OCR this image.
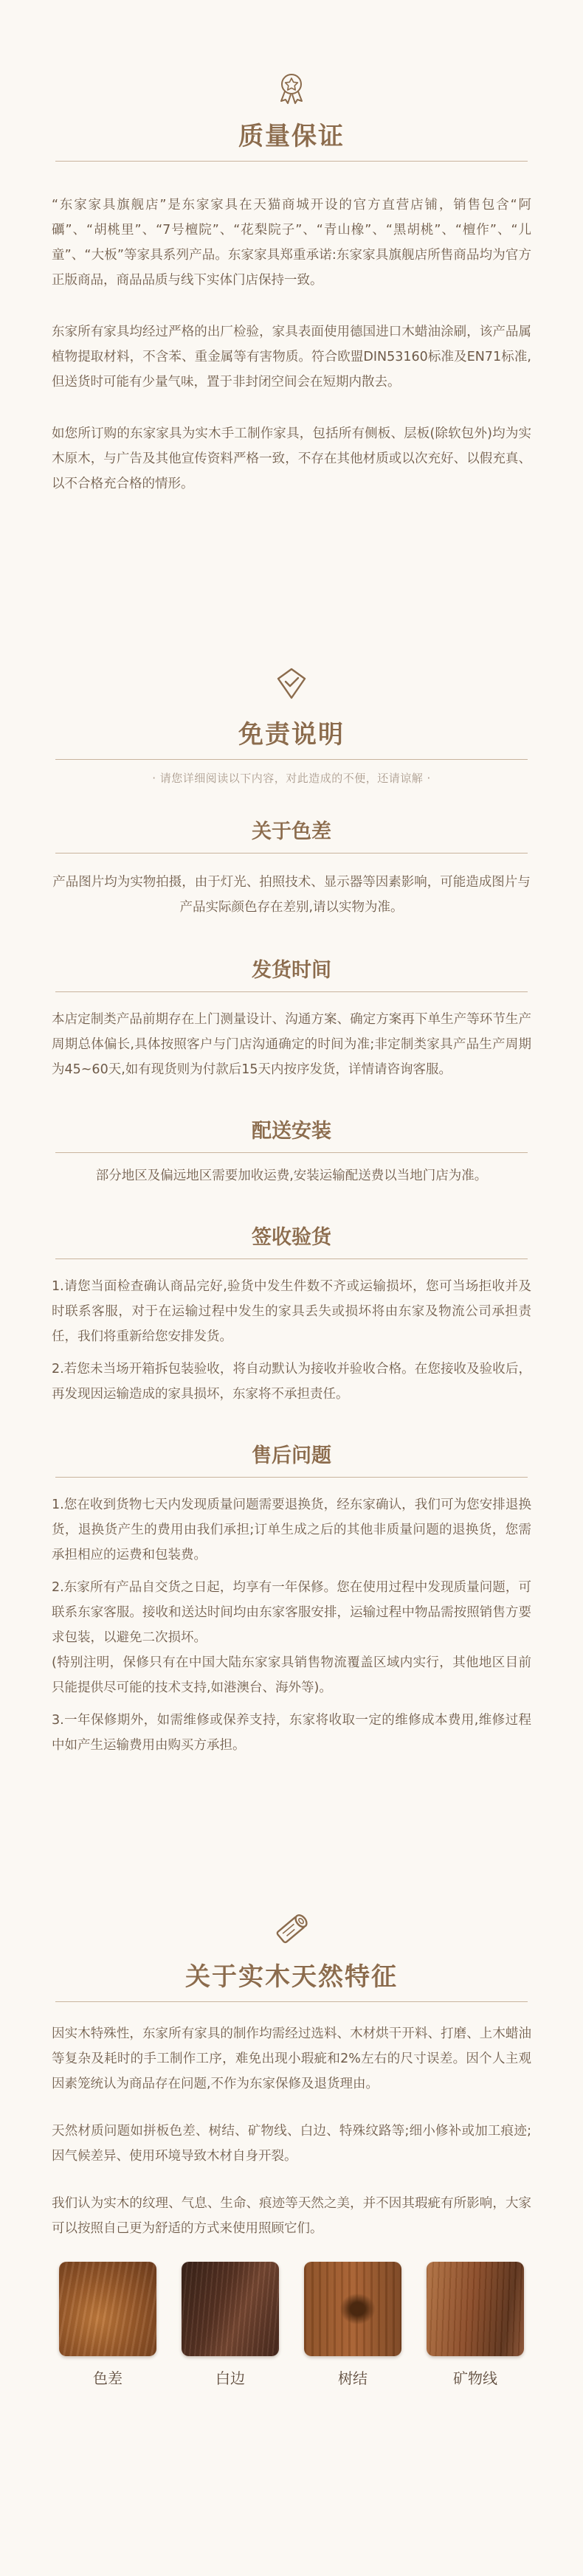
质量保证

“东家家具旗舰店”是东家家具在天猫商城开设的官方直营店铺，销售包含“阿礪”、“胡桃里”、“7号檀院”、“花梨院子”、“青山橡”、“黑胡桃”、“檀作”、“儿童”、“大板”等家具系列产品。东家家具郑重承诺:东家家具旗舰店所售商品均为官方正版商品，商品品质与线下实体门店保持一致。

东家所有家具均经过严格的出厂检验，家具表面使用德国进口木蜡油涂刷，该产品属植物提取材料，不含苯、重金属等有害物质。符合欧盟DIN53160标准及EN71标准,但送货时可能有少量气味，置于非封闭空间会在短期内散去。

如您所订购的东家家具为实木手工制作家具，包括所有侧板、层板(除软包外)均为实木原木，与广告及其他宣传资料严格一致，不存在其他材质或以次充好、以假充真、以不合格充合格的情形。

免责说明
· 请您详细阅读以下内容，对此造成的不便，还请谅解 ·
关于色差

产品图片均为实物拍摄，由于灯光、拍照技术、显示器等因素影响，可能造成图片与产品实际颜色存在差别,请以实物为准。

发货时间

本店定制类产品前期存在上门测量设计、沟通方案、确定方案再下单生产等环节生产周期总体偏长,具体按照客户与门店沟通确定的时间为准;非定制类家具产品生产周期为45~60天,如有现货则为付款后15天内按序发货，详情请咨询客服。

配送安装

部分地区及偏远地区需要加收运费,安装运输配送费以当地门店为准。

签收验货

1.请您当面检查确认商品完好,验货中发生件数不齐或运输损坏，您可当场拒收并及时联系客服，对于在运输过程中发生的家具丢失或损坏将由东家及物流公司承担责任，我们将重新给您安排发货。

2.若您未当场开箱拆包装验收，将自动默认为接收并验收合格。在您接收及验收后，再发现因运输造成的家具损坏，东家将不承担责任。

售后问题

1.您在收到货物七天内发现质量问题需要退换货，经东家确认，我们可为您安排退换货，退换货产生的费用由我们承担;订单生成之后的其他非质量问题的退换货，您需承担相应的运费和包装费。

2.东家所有产品自交货之日起，均享有一年保修。您在使用过程中发现质量问题，可联系东家客服。接收和送达时间均由东家客服安排，运输过程中物品需按照销售方要求包装，以避免二次损坏。

(特别注明，保修只有在中国大陆东家家具销售物流覆盖区域内实行，其他地区目前只能提供尽可能的技术支持,如港澳台、海外等)。

3.一年保修期外，如需维修或保养支持，东家将收取一定的维修成本费用,维修过程中如产生运输费用由购买方承担。

关于实木天然特征

因实木特殊性，东家所有家具的制作均需经过选料、木材烘干开料、打磨、上木蜡油等复杂及耗时的手工制作工序，难免出现小瑕疵和2%左右的尺寸误差。因个人主观因素笼统认为商品存在问题,不作为东家保修及退货理由。

天然材质问题如拼板色差、树结、矿物线、白边、特殊纹路等;细小修补或加工痕迹;因气候差异、使用环境导致木材自身开裂。

我们认为实木的纹理、气息、生命、痕迹等天然之美，并不因其瑕疵有所影响，大家可以按照自己更为舒适的方式来使用照顾它们。

色差	白边	树结	矿物线
